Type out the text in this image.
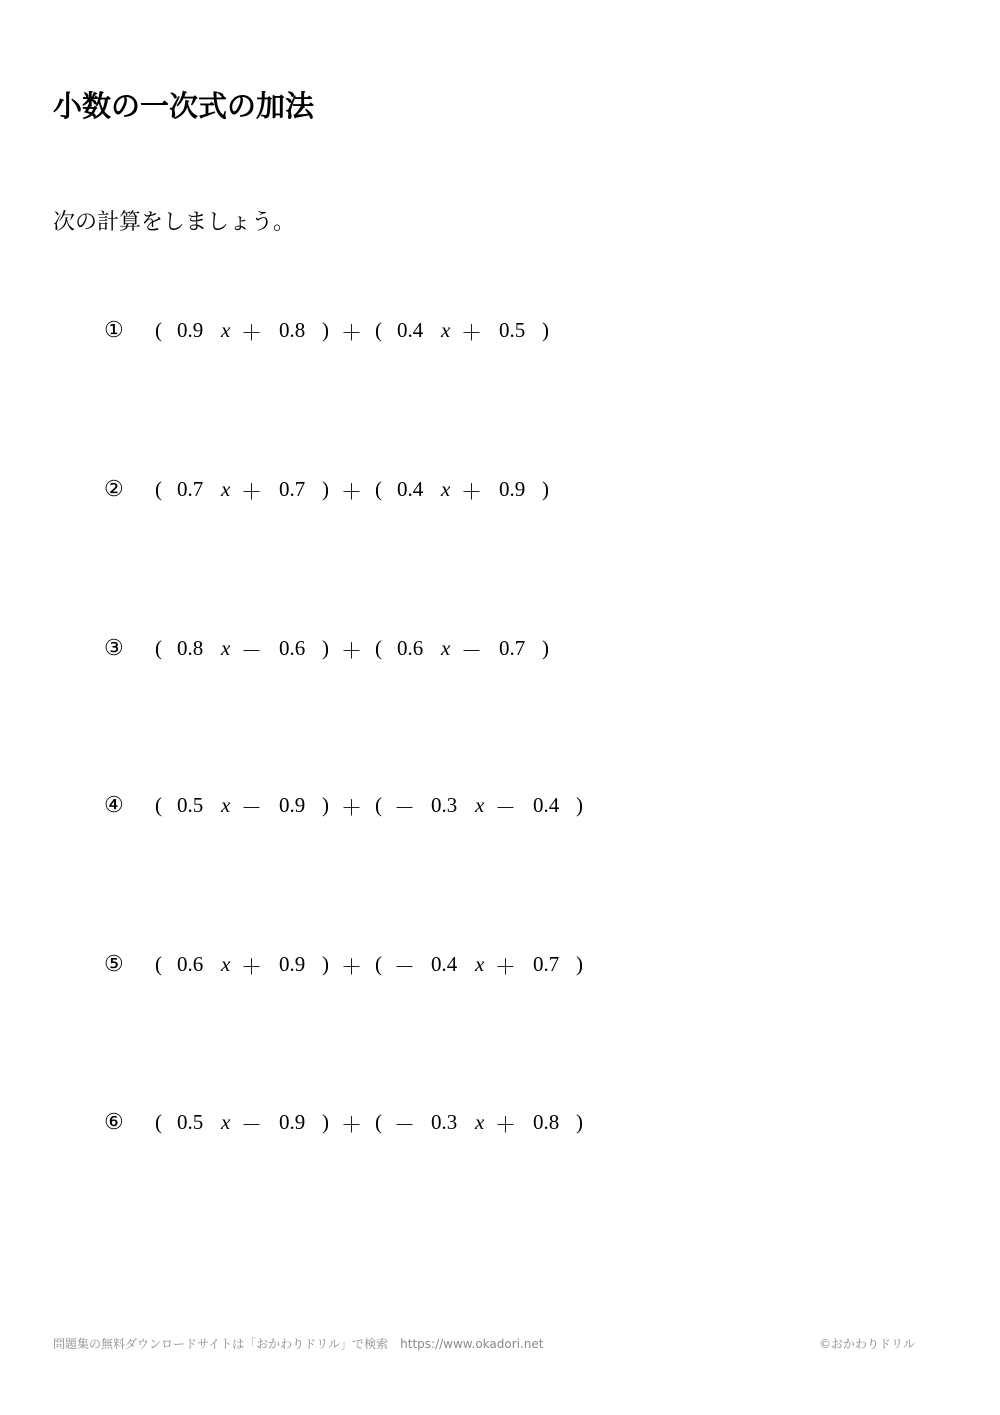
小数の一次式の加法
次の計算をしましょう。
① ( 0.9 x ＋ 0.8 ) ＋ ( 0.4 x ＋ 0.5 )
② ( 0.7 x ＋ 0.7 ) ＋ ( 0.4 x ＋ 0.9 )
③ ( 0.8 x － 0.6 ) ＋ ( 0.6 x － 0.7 )
④ ( 0.5 x － 0.9 ) ＋ ( － 0.3 x － 0.4 )
⑤ ( 0.6 x ＋ 0.9 ) ＋ ( － 0.4 x ＋ 0.7 )
⑥ ( 0.5 x － 0.9 ) ＋ ( － 0.3 x ＋ 0.8 )
問題集の無料ダウンロードサイトは「おかわりドリル」で検索　https://www.okadori.net	©おかわりドリル
